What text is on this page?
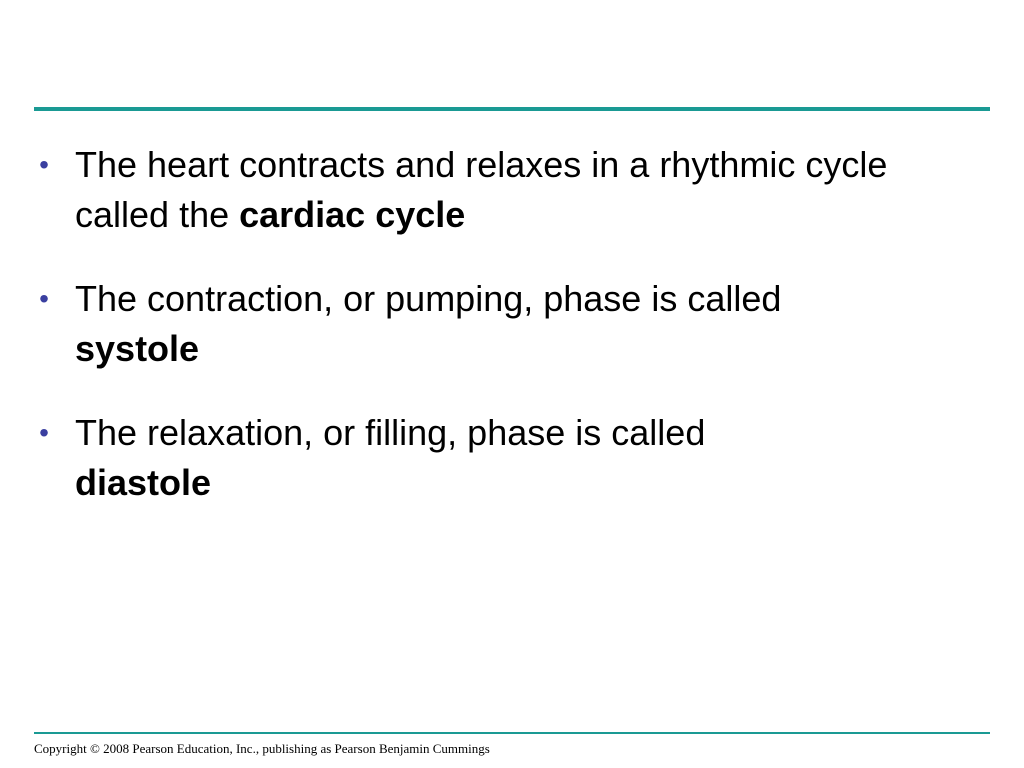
• The heart contracts and relaxes in a rhythmic cycle called the cardiac cycle
• The contraction, or pumping, phase is called
systole
• The relaxation, or filling, phase is called
diastole
Copyright © 2008 Pearson Education, Inc., publishing as Pearson Benjamin Cummings
